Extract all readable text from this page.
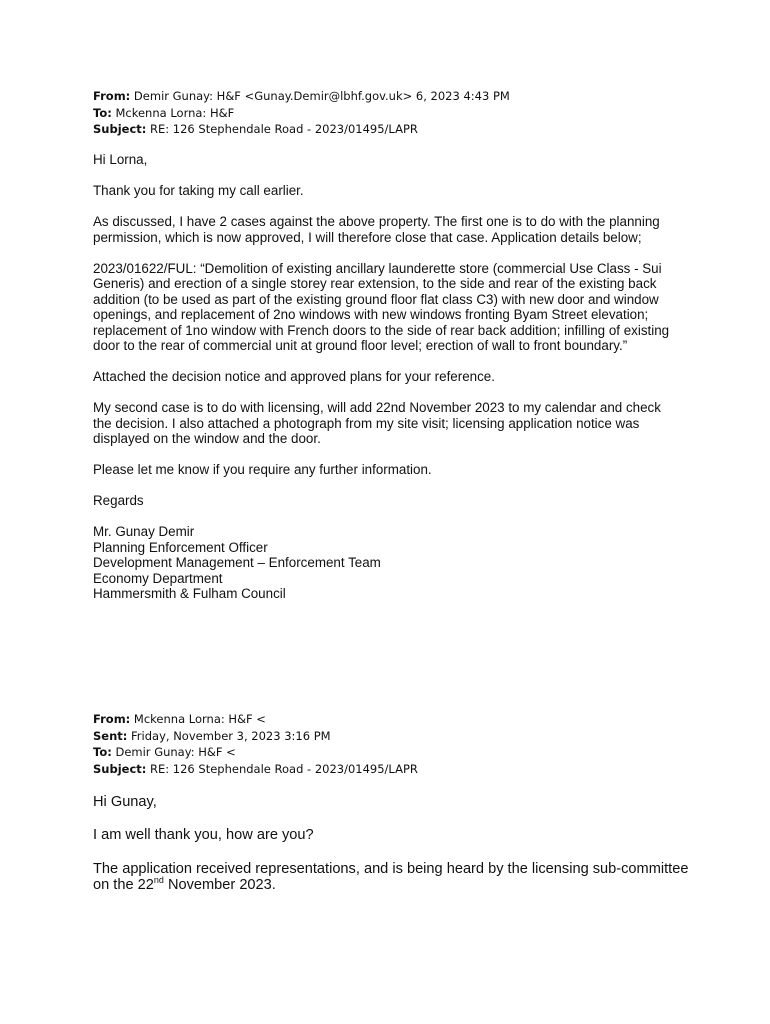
From: Demir Gunay: H&F <Gunay.Demir@lbhf.gov.uk> 6, 2023 4:43 PM
To: Mckenna Lorna: H&F
Subject: RE: 126 Stephendale Road - 2023/01495/LAPR

Hi Lorna,

Thank you for taking my call earlier.

As discussed, I have 2 cases against the above property. The first one is to do with the planning permission, which is now approved, I will therefore close that case. Application details below;

2023/01622/FUL: “Demolition of existing ancillary launderette store (commercial Use Class - Sui Generis) and erection of a single storey rear extension, to the side and rear of the existing back addition (to be used as part of the existing ground floor flat class C3) with new door and window openings, and replacement of 2no windows with new windows fronting Byam Street elevation; replacement of 1no window with French doors to the side of rear back addition; infilling of existing door to the rear of commercial unit at ground floor level; erection of wall to front boundary.”

Attached the decision notice and approved plans for your reference.

My second case is to do with licensing, will add 22nd November 2023 to my calendar and check the decision. I also attached a photograph from my site visit; licensing application notice was displayed on the window and the door.

Please let me know if you require any further information.

Regards

Mr. Gunay Demir
Planning Enforcement Officer
Development Management – Enforcement Team
Economy Department
Hammersmith & Fulham Council
From: Mckenna Lorna: H&F <
Sent: Friday, November 3, 2023 3:16 PM
To: Demir Gunay: H&F <
Subject: RE: 126 Stephendale Road - 2023/01495/LAPR

Hi Gunay,

I am well thank you, how are you?

The application received representations, and is being heard by the licensing sub-committee on the 22nd November 2023.
